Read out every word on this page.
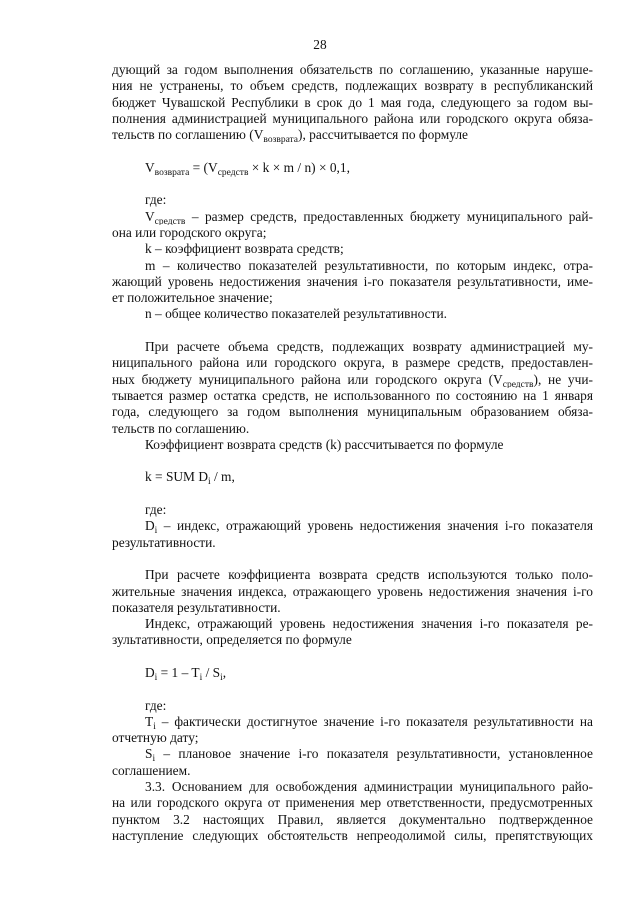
28
дующий за годом выполнения обязательств по соглашению, указанные наруше-
ния не устранены, то объем средств, подлежащих возврату в республиканский
бюджет Чувашской Республики в срок до 1 мая года, следующего за годом вы-
полнения администрацией муниципального района или городского округа обяза-
тельств по соглашению $(V_{возврата})$, рассчитывается по формуле
$V_{возврата} = (V_{средств} \times k \times m / n) \times 0,1$,
где:
$V_{средств}$ – размер средств, предоставленных бюджету муниципального рай-
она или городского округа;
k – коэффициент возврата средств;
m – количество показателей результативности, по которым индекс, отра-
жающий уровень недостижения значения i-го показателя результативности, име-
ет положительное значение;
n – общее количество показателей результативности.
При расчете объема средств, подлежащих возврату администрацией му-
ниципального района или городского округа, в размере средств, предоставлен-
ных бюджету муниципального района или городского округа $(V_{средств})$, не учи-
тывается размер остатка средств, не использованного по состоянию на 1 января
года, следующего за годом выполнения муниципальным образованием обяза-
тельств по соглашению.
Коэффициент возврата средств (k) рассчитывается по формуле
k = SUM $D_i$ / m,
где:
$D_i$ – индекс, отражающий уровень недостижения значения i-го показателя
результативности.
При расчете коэффициента возврата средств используются только поло-
жительные значения индекса, отражающего уровень недостижения значения i-го
показателя результативности.
Индекс, отражающий уровень недостижения значения i-го показателя ре-
зультативности, определяется по формуле
$D_i = 1 - T_i / S_i$,
где:
$T_i$ – фактически достигнутое значение i-го показателя результативности на
отчетную дату;
$S_i$ – плановое значение i-го показателя результативности, установленное
соглашением.
3.3. Основанием для освобождения администрации муниципального райо-
на или городского округа от применения мер ответственности, предусмотренных
пунктом 3.2 настоящих Правил, является документально подтвержденное
наступление следующих обстоятельств непреодолимой силы, препятствующих
